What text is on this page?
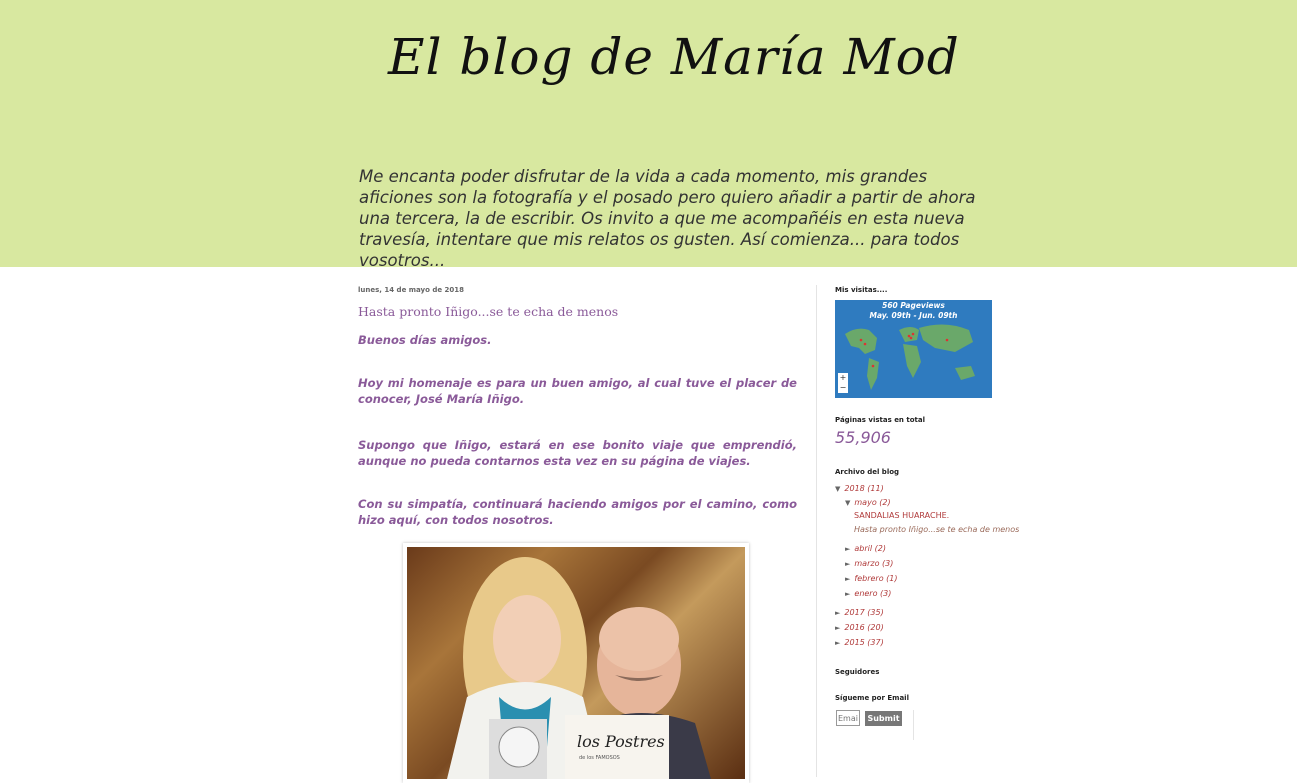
El blog de María Mod

Me encanta poder disfrutar de la vida a cada momento, mis grandes aficiones son la fotografía y el posado pero quiero añadir a partir de ahora una tercera, la de escribir. Os invito a que me acompañéis en esta nueva travesía, intentare que mis relatos os gusten. Así comienza... para todos vosotros...

lunes, 14 de mayo de 2018
Hasta pronto Iñigo...se te echa de menos

Buenos días amigos.

Hoy mi homenaje es para un buen amigo, al cual tuve el placer de conocer, José María Iñigo.

Supongo que Iñigo, estará en ese bonito viaje que emprendió, aunque no pueda contarnos esta vez en su página de viajes.

Con su simpatía, continuará haciendo amigos por el camino, como hizo aquí, con todos nosotros.

los Postres
de los FAMOSOS
Mis visitas....

560 Pageviews

May. 09th - Jun. 09th

+
−
Páginas vistas en total

55,906

Archivo del blog
▼ 2018 (11)
▼ mayo (2)
SANDALIAS HUARACHE.
Hasta pronto Iñigo...se te echa de menos
► abril (2)
► marzo (3)
► febrero (1)
► enero (3)
► 2017 (35)
► 2016 (20)
► 2015 (37)
Seguidores
Sígueme por Email
Email
Submit
